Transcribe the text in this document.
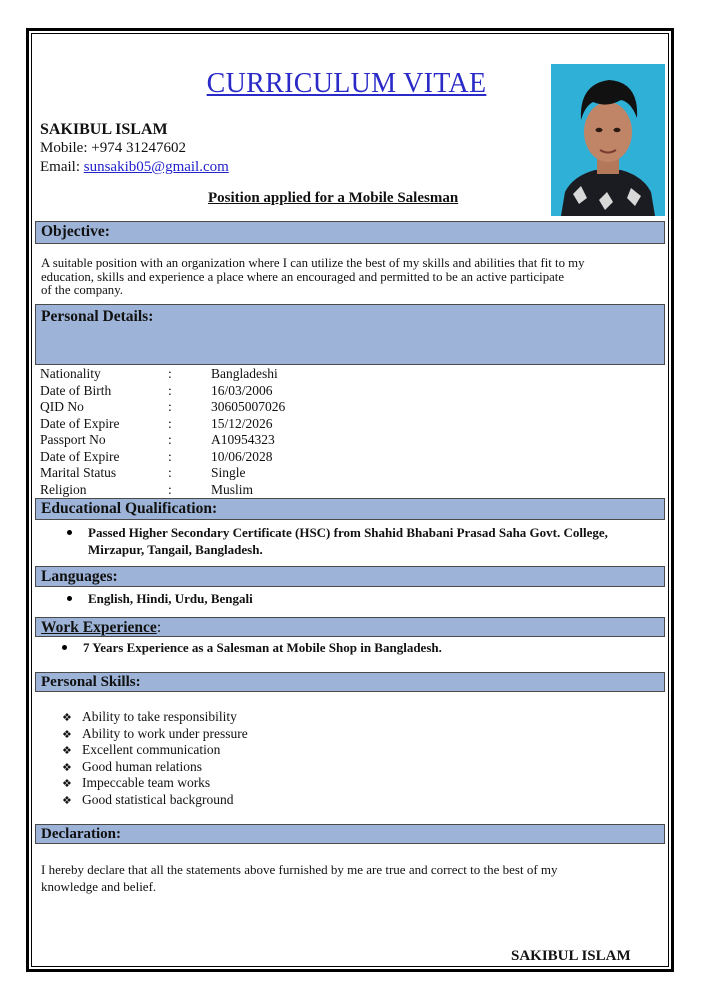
CURRICULUM VITAE
SAKIBUL ISLAM
Mobile: +974 31247602
Email: sunsakib05@gmail.com
Position applied for a Mobile Salesman
Objective:
A suitable position with an organization where I can utilize the best of my skills and abilities that fit to my
education, skills and experience a place where an encouraged and permitted to be an active participate
of the company.
Personal Details:
Nationality	:	Bangladeshi
Date of Birth	:	16/03/2006
QID No	:	30605007026
Date of Expire	:	15/12/2026
Passport No	:	A10954323
Date of Expire	:	10/06/2028
Marital Status	:	Single
Religion	:	Muslim
Educational Qualification:
Passed Higher Secondary Certificate (HSC) from Shahid Bhabani Prasad Saha Govt. College,
Mirzapur, Tangail, Bangladesh.
Languages:
English, Hindi, Urdu, Bengali
Work Experience:
7 Years Experience as a Salesman at Mobile Shop in Bangladesh.
Personal Skills:
❖ Ability to take responsibility
❖ Ability to work under pressure
❖ Excellent communication
❖ Good human relations
❖ Impeccable team works
❖ Good statistical background
Declaration:
I hereby declare that all the statements above furnished by me are true and correct to the best of my
knowledge and belief.
SAKIBUL ISLAM
